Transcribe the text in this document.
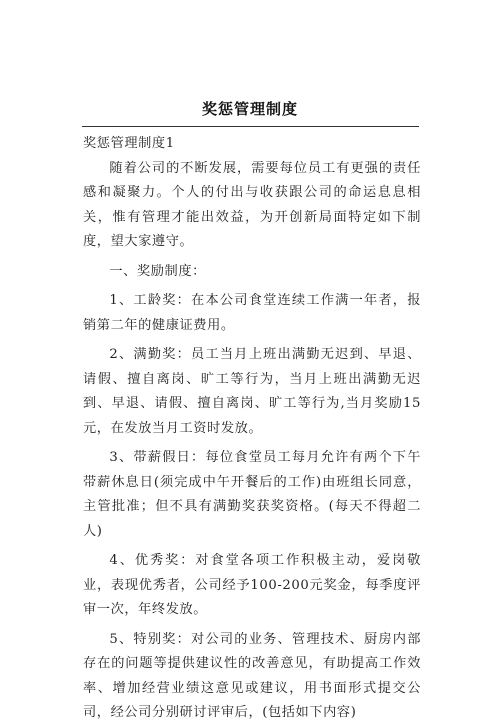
奖惩管理制度

奖惩管理制度1

随着公司的不断发展，需要每位员工有更强的责任感和凝聚力。个人的付出与收获跟公司的命运息息相关，惟有管理才能出效益，为开创新局面特定如下制度，望大家遵守。

一、奖励制度：

1、工龄奖：在本公司食堂连续工作满一年者，报销第二年的健康证费用。

2、满勤奖：员工当月上班出满勤无迟到、早退、请假、擅自离岗、旷工等行为，当月上班出满勤无迟到、早退、请假、擅自离岗、旷工等行为,当月奖励15元，在发放当月工资时发放。

3、带薪假日：每位食堂员工每月允许有两个下午带薪休息日(须完成中午开餐后的工作)由班组长同意，主管批准；但不具有满勤奖获奖资格。(每天不得超二人)

4、优秀奖：对食堂各项工作积极主动，爱岗敬业，表现优秀者，公司经予100-200元奖金，每季度评审一次，年终发放。

5、特别奖：对公司的业务、管理技术、厨房内部存在的问题等提供建议性的改善意见，有助提高工作效率、增加经营业绩这意见或建议，用书面形式提交公司，经公司分别研讨评审后，(包括如下内容)
